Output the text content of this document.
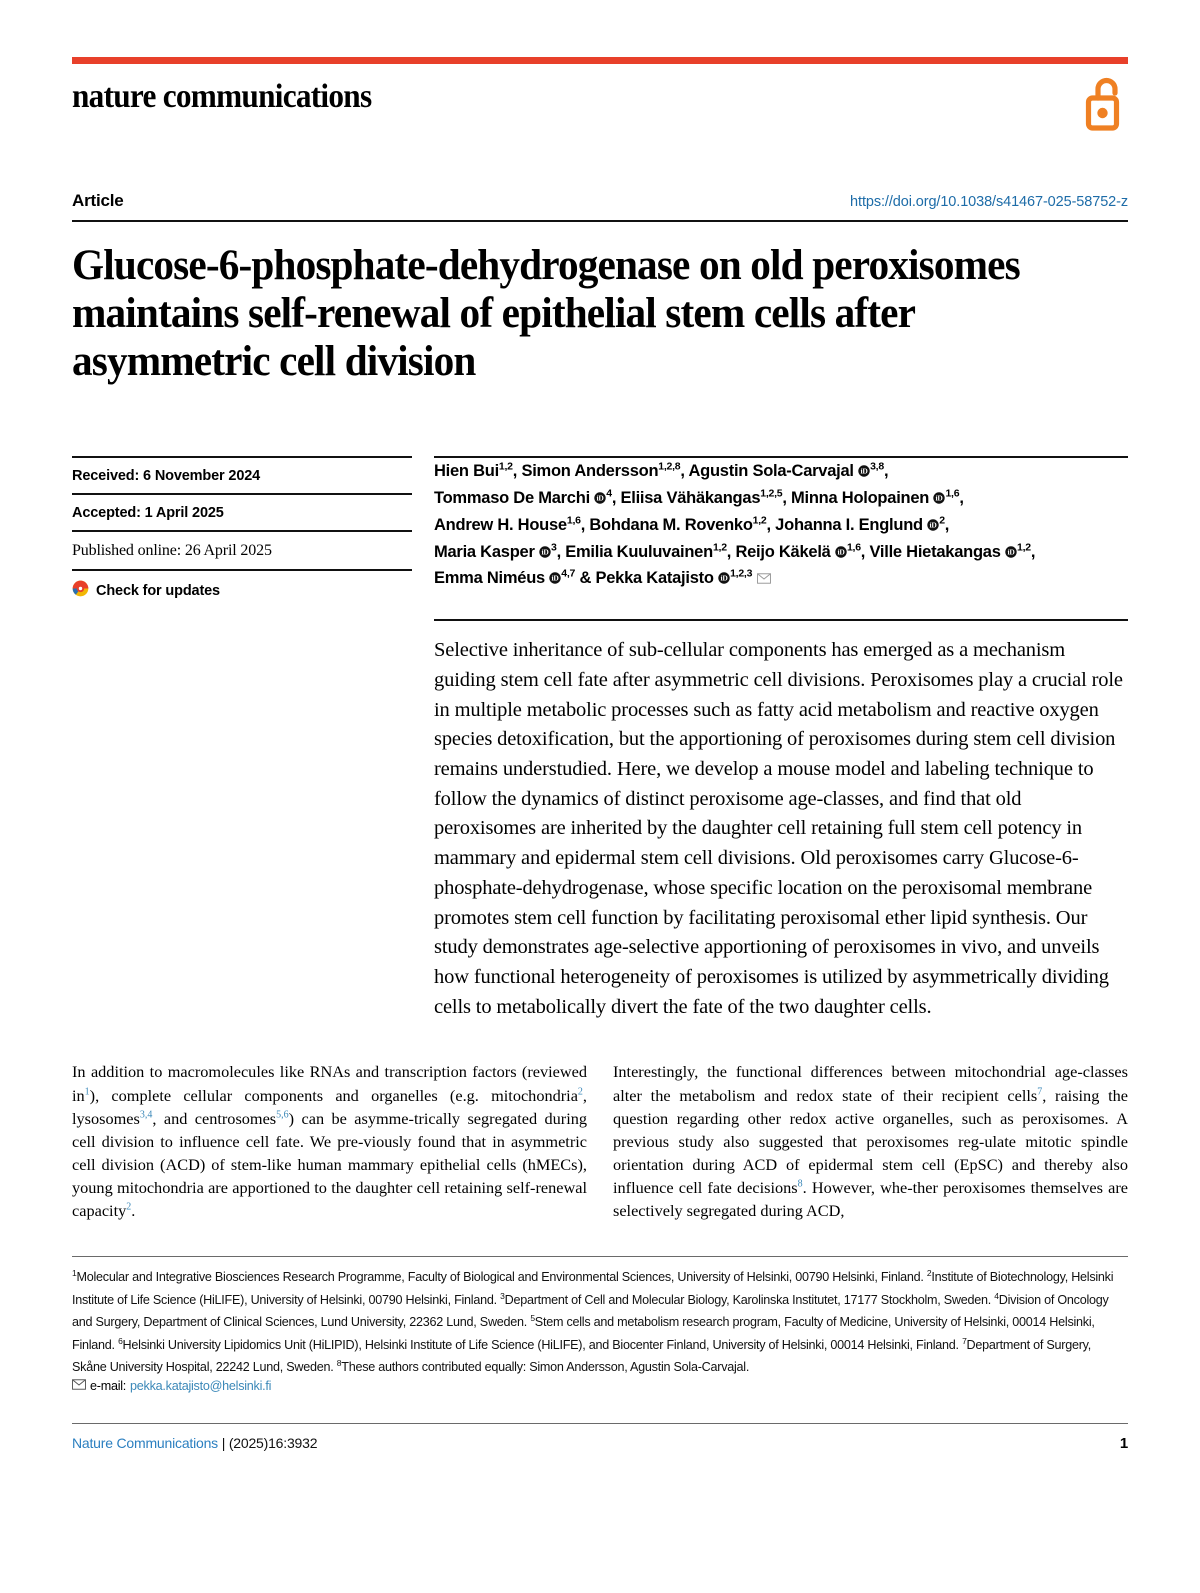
nature communications
Article	https://doi.org/10.1038/s41467-025-58752-z
Glucose-6-phosphate-dehydrogenase on old peroxisomes maintains self-renewal of epithelial stem cells after asymmetric cell division
Received: 6 November 2024
Accepted: 1 April 2025
Published online: 26 April 2025
Check for updates
Hien Bui$^{1,2}$, Simon Andersson$^{1,2,8}$, Agustin Sola-Carvajal iD $^{3,8}$,
Tommaso De Marchi iD $^4$, Eliisa Vähäkangas$^{1,2,5}$, Minna Holopainen iD $^{1,6}$,
Andrew H. House$^{1,6}$, Bohdana M. Rovenko$^{1,2}$, Johanna I. Englund iD $^2$,
Maria Kasper iD $^3$, Emilia Kuuluvainen$^{1,2}$, Reijo Käkelä iD $^{1,6}$, Ville Hietakangas iD $^{1,2}$,
Emma Niméus iD $^{4,7}$ & Pekka Katajisto iD $^{1,2,3}$
Selective inheritance of sub-cellular components has emerged as a mechanism guiding stem cell fate after asymmetric cell divisions. Peroxisomes play a crucial role in multiple metabolic processes such as fatty acid metabolism and reactive oxygen species detoxification, but the apportioning of peroxisomes during stem cell division remains understudied. Here, we develop a mouse model and labeling technique to follow the dynamics of distinct peroxisome age-classes, and find that old peroxisomes are inherited by the daughter cell retaining full stem cell potency in mammary and epidermal stem cell divisions. Old peroxisomes carry Glucose-6-phosphate-dehydrogenase, whose specific location on the peroxisomal membrane promotes stem cell function by facilitating peroxisomal ether lipid synthesis. Our study demonstrates age-selective apportioning of peroxisomes in vivo, and unveils how functional heterogeneity of peroxisomes is utilized by asymmetrically dividing cells to metabolically divert the fate of the two daughter cells.
In addition to macromolecules like RNAs and transcription factors (reviewed $in^1$), complete cellular components and organelles (e.g. mitochondria$^2$, lysosomes$^{3,4}$, and centrosomes$^{5,6}$) can be asymme-trically segregated during cell division to influence cell fate. We pre-viously found that in asymmetric cell division (ACD) of stem-like human mammary epithelial cells (hMECs), young mitochondria are apportioned to the daughter cell retaining self-renewal capacity$^2$.
Interestingly, the functional differences between mitochondrial age-classes alter the metabolism and redox state of their recipient cells$^7$, raising the question regarding other redox active organelles, such as peroxisomes. A previous study also suggested that peroxisomes reg-ulate mitotic spindle orientation during ACD of epidermal stem cell (EpSC) and thereby also influence cell fate decisions$^8$. However, whe-ther peroxisomes themselves are selectively segregated during ACD,
$^1$Molecular and Integrative Biosciences Research Programme, Faculty of Biological and Environmental Sciences, University of Helsinki, 00790 Helsinki, Finland. $^2$Institute of Biotechnology, Helsinki Institute of Life Science (HiLIFE), University of Helsinki, 00790 Helsinki, Finland. $^3$Department of Cell and Molecular Biology, Karolinska Institutet, 17177 Stockholm, Sweden. $^4$Division of Oncology and Surgery, Department of Clinical Sciences, Lund University, 22362 Lund, Sweden. $^5$Stem cells and metabolism research program, Faculty of Medicine, University of Helsinki, 00014 Helsinki, Finland. $^6$Helsinki University Lipidomics Unit (HiLIPID), Helsinki Institute of Life Science (HiLIFE), and Biocenter Finland, University of Helsinki, 00014 Helsinki, Finland. $^7$Department of Surgery, Skåne University Hospital, 22242 Lund, Sweden. $^8$These authors contributed equally: Simon Andersson, Agustin Sola-Carvajal.
e-mail: pekka.katajisto@helsinki.fi
Nature Communications | (2025)16:3932	1
